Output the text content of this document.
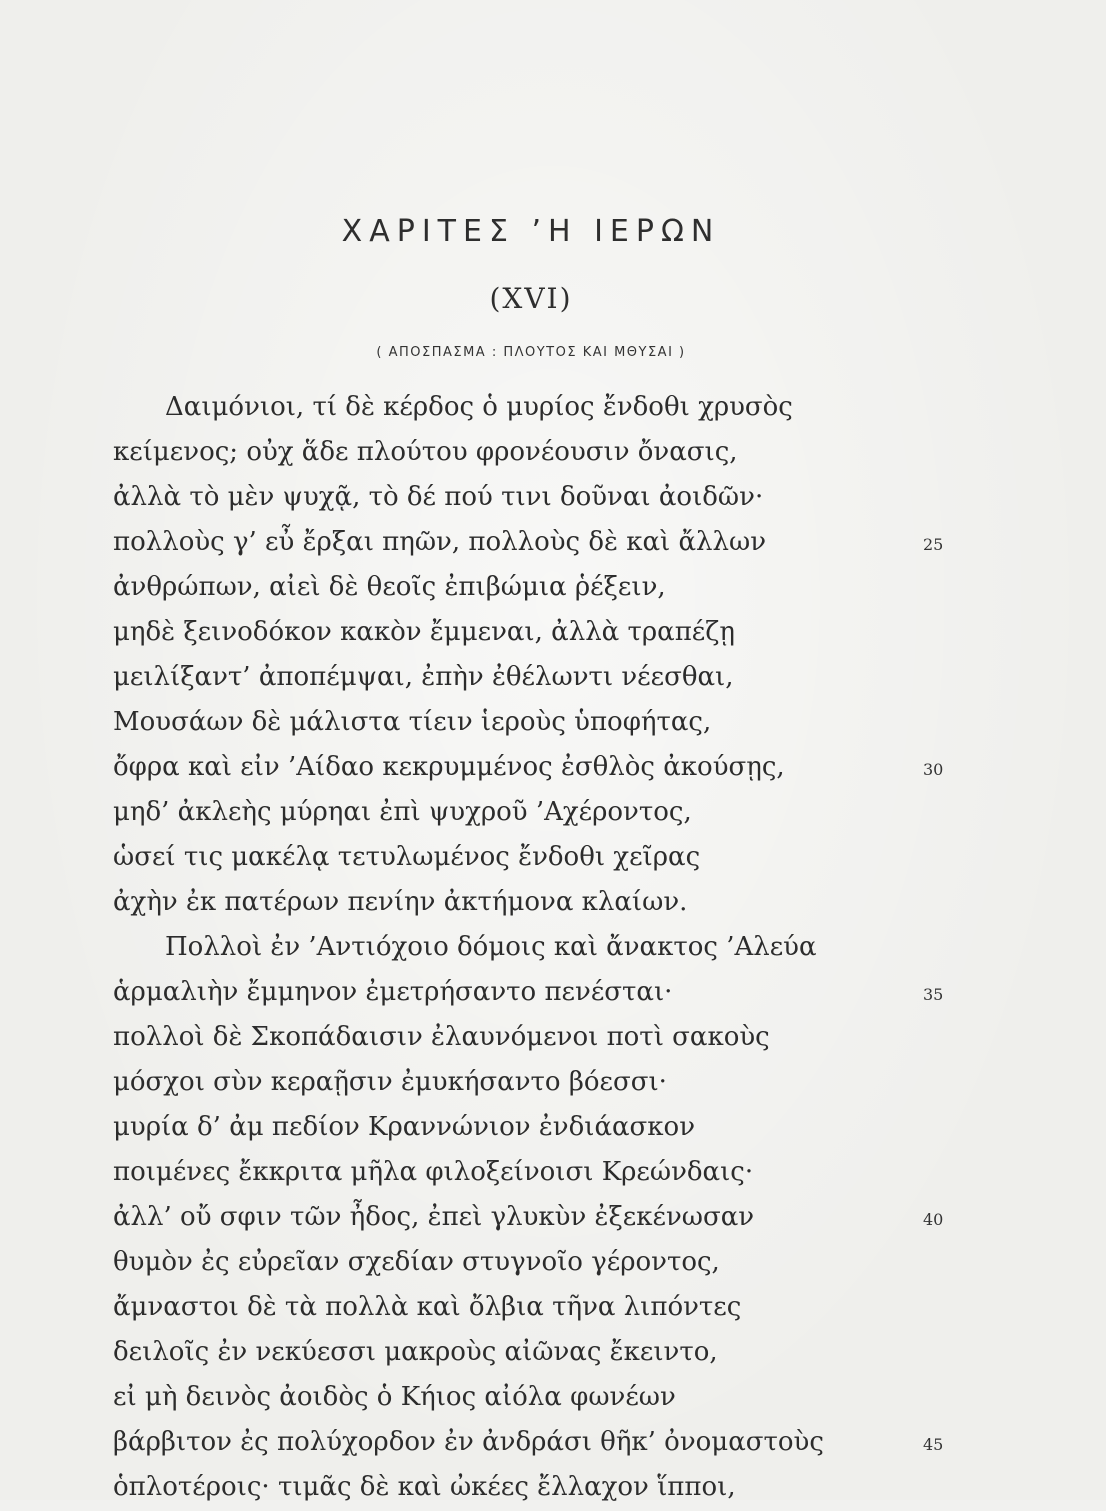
ΧΑΡΙΤΕΣ ’Η ΙΕΡΩΝ
(XVI)
( ΑΠΟΣΠΑΣΜΑ : ΠΛΟΥΤΟΣ ΚΑΙ ΜΘΥΣΑΙ )
Δαιμόνιοι, τί δὲ κέρδος ὁ μυρίος ἔνδοθι χρυσὸς
κείμενος; οὐχ ἅδε πλούτου φρονέουσιν ὄνασις,
ἀλλὰ τὸ μὲν ψυχᾷ, τὸ δέ πού τινι δοῦναι ἀοιδῶν·
πολλοὺς γ’ εὖ ἔρξαι πηῶν, πολλοὺς δὲ καὶ ἄλλων	25
ἀνθρώπων, αἰεὶ δὲ θεοῖς ἐπιβώμια ῥέξειν,
μηδὲ ξεινοδόκον κακὸν ἔμμεναι, ἀλλὰ τραπέζῃ
μειλίξαντ’ ἀποπέμψαι, ἐπὴν ἐθέλωντι νέεσθαι,
Μουσάων δὲ μάλιστα τίειν ἱεροὺς ὑποφήτας,
ὄφρα καὶ εἰν ’Αίδαο κεκρυμμένος ἐσθλὸς ἀκούσῃς,	30
μηδ’ ἀκλεὴς μύρηαι ἐπὶ ψυχροῦ ’Αχέροντος,
ὡσεί τις μακέλᾳ τετυλωμένος ἔνδοθι χεῖρας
ἀχὴν ἐκ πατέρων πενίην ἀκτήμονα κλαίων.
Πολλοὶ ἐν ’Αντιόχοιο δόμοις καὶ ἄνακτος ’Αλεύα
ἁρμαλιὴν ἔμμηνον ἐμετρήσαντο πενέσται·	35
πολλοὶ δὲ Σκοπάδαισιν ἐλαυνόμενοι ποτὶ σακοὺς
μόσχοι σὺν κεραῇσιν ἐμυκήσαντο βόεσσι·
μυρία δ’ ἀμ πεδίον Κραννώνιον ἐνδιάασκον
ποιμένες ἔκκριτα μῆλα φιλοξείνοισι Κρεώνδαις·
ἀλλ’ οὔ σφιν τῶν ἦδος, ἐπεὶ γλυκὺν ἐξεκένωσαν	40
θυμὸν ἐς εὐρεῖαν σχεδίαν στυγνοῖο γέροντος,
ἄμναστοι δὲ τὰ πολλὰ καὶ ὄλβια τῆνα λιπόντες
δειλοῖς ἐν νεκύεσσι μακροὺς αἰῶνας ἔκειντο,
εἰ μὴ δεινὸς ἀοιδὸς ὁ Κήιος αἰόλα φωνέων
βάρβιτον ἐς πολύχορδον ἐν ἀνδράσι θῆκ’ ὀνομαστοὺς	45
ὁπλοτέροις· τιμᾶς δὲ καὶ ὠκέες ἔλλαχον ἵπποι,
